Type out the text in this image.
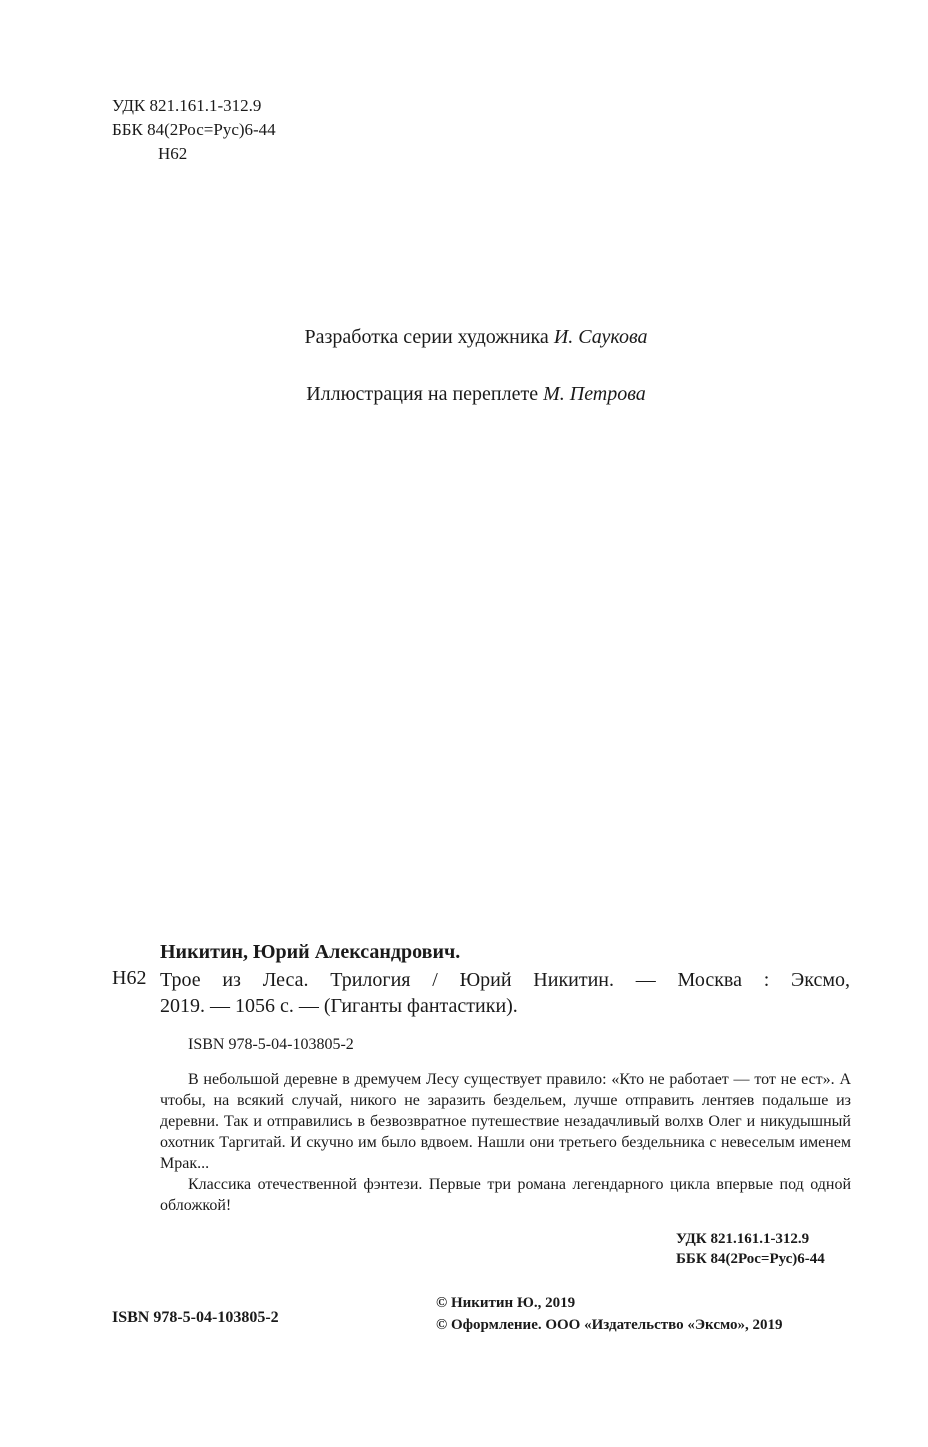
УДК 821.161.1-312.9
ББК 84(2Рос=Рус)6-44
Н62
Разработка серии художника И. Саукова
Иллюстрация на переплете М. Петрова
Никитин, Юрий Александрович.
Н62 Трое из Леса. Трилогия / Юрий Никитин. — Москва : Эксмо,
2019. — 1056 с. — (Гиганты фантастики).
ISBN 978-5-04-103805-2

В небольшой деревне в дремучем Лесу существует правило: «Кто не работает — тот не ест». А чтобы, на всякий случай, никого не заразить бездельем, лучше отправить лентяев подальше из деревни. Так и отправились в безвозвратное путешествие незадачливый волхв Олег и никудышный охотник Таргитай. И скучно им было вдвоем. Нашли они третьего бездельника с невеселым именем Мрак...

Классика отечественной фэнтези. Первые три романа легендарного цикла впервые под одной обложкой!

УДК 821.161.1-312.9
ББК 84(2Рос=Рус)6-44
ISBN 978-5-04-103805-2
© Никитин Ю., 2019
© Оформление. ООО «Издательство «Эксмо», 2019
